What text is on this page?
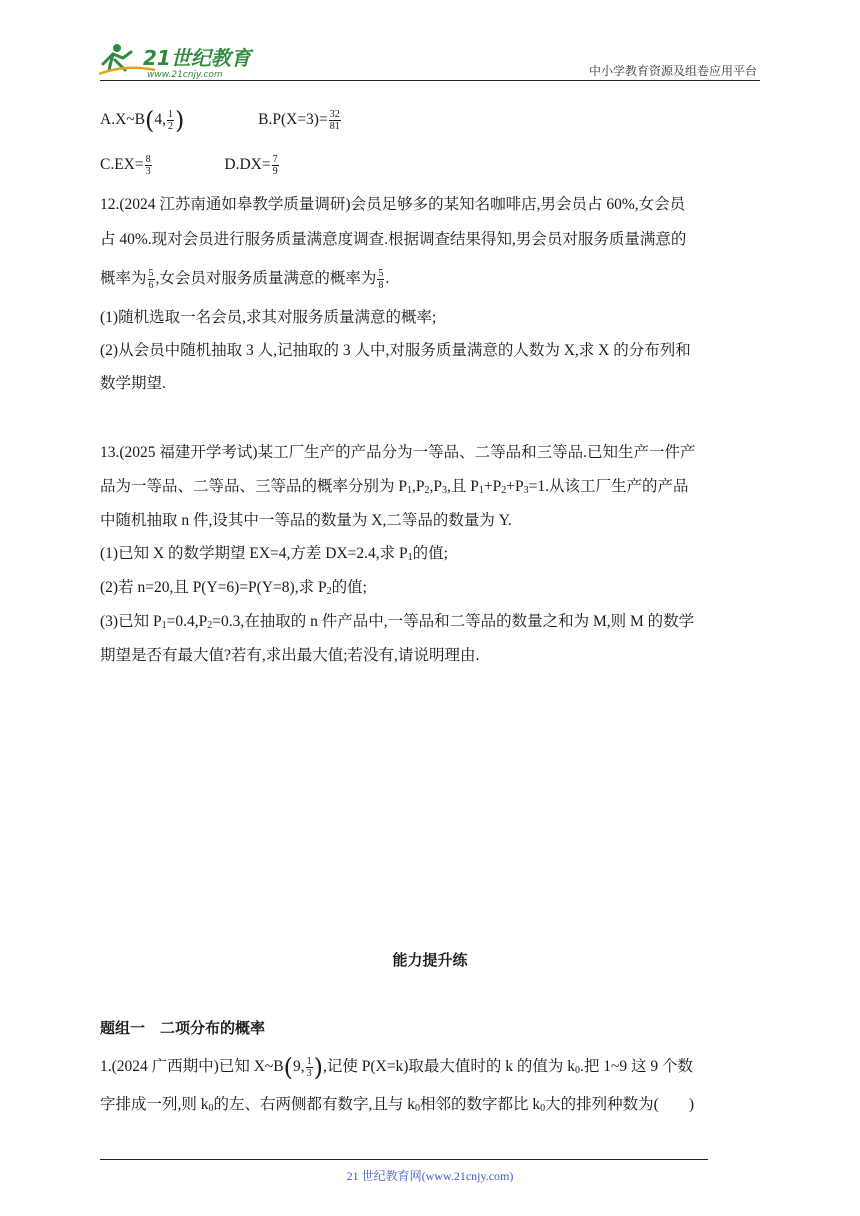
21世纪教育
www.21cnjy.com	中小学教育资源及组卷应用平台
A.X~B(4, $\frac{1}{2}$ )	$B.P(X=3)= \frac{32}{81}$
$C.EX= \frac{8}{3}$	$D.DX= \frac{7}{9}$
12.(2024 江苏南通如皋教学质量调研)会员足够多的某知名咖啡店,男会员占 60%,女会员
占 40%.现对会员进行服务质量满意度调查.根据调查结果得知,男会员对服务质量满意的
概率为 $\frac{5}{6}$ ,女会员对服务质量满意的概率为 $\frac{5}{8}$ .
(1)随机选取一名会员,求其对服务质量满意的概率;
(2)从会员中随机抽取 3 人,记抽取的 3 人中,对服务质量满意的人数为 X,求 X 的分布列和
数学期望.
13.(2025 福建开学考试)某工厂生产的产品分为一等品、二等品和三等品.已知生产一件产
品为一等品、二等品、三等品的概率分别为 $P_1,P_2,P_3$,且 $P_1+P_2+P_3=1$.从该工厂生产的产品
中随机抽取 n 件,设其中一等品的数量为 X,二等品的数量为 Y.
(1)已知 X 的数学期望 EX=4,方差 DX=2.4,求 $P_1$的值;
(2)若 n=20,且 P(Y=6)=P(Y=8),求 $P_2$的值;
(3)已知 $P_1=0.4,P_2=0.3$,在抽取的 n 件产品中,一等品和二等品的数量之和为 M,则 M 的数学
期望是否有最大值?若有,求出最大值;若没有,请说明理由.
能力提升练
题组一　二项分布的概率
1.(2024 广西期中)已知 X~B(9, $\frac{1}{3}$ ),记使 P(X=k)取最大值时的 k 的值为 $k_0$.把 1~9 这 9 个数
字排成一列,则 $k_0$的左、右两侧都有数字,且与 $k_0$相邻的数字都比 $k_0$大的排列种数为( )
21 世纪教育网(www.21cnjy.com)
